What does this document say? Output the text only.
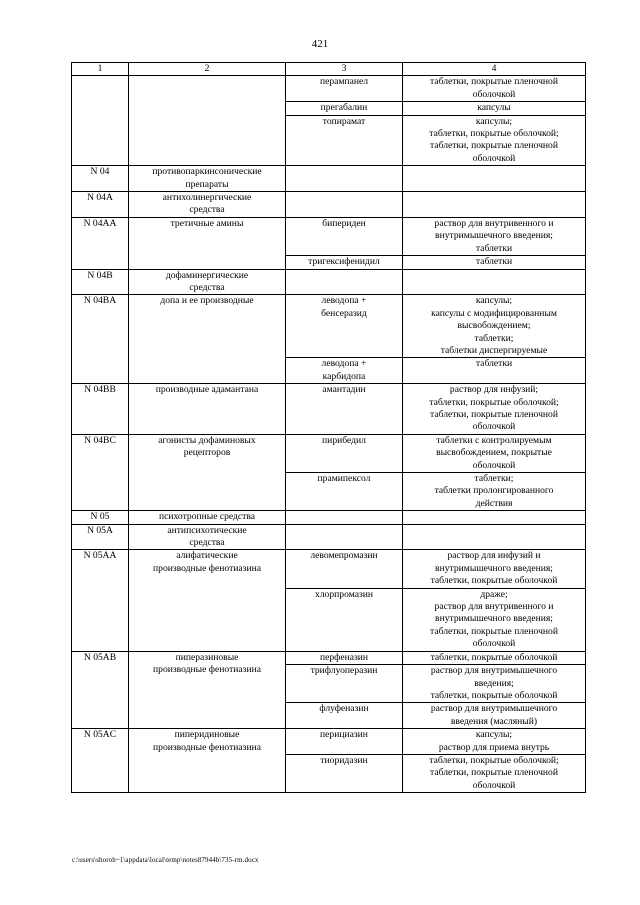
421
1	2	3	4
		перампанел	таблетки, покрытые пленочной
оболочкой
		прегабалин	капсулы
		топирамат	капсулы;
таблетки, покрытые оболочкой;
таблетки, покрытые пленочной
оболочкой
N 04	противопаркинсонические
препараты		
N 04A	антихолинергические
средства		
N 04AA	третичные амины	бипериден	раствор для внутривенного и
внутримышечного введения;
таблетки
		тригексифенидил	таблетки
N 04B	дофаминергические
средства		
N 04BA	допа и ее производные	леводопа +
бенсеразид	капсулы;
капсулы с модифицированным
высвобождением;
таблетки;
таблетки диспергируемые
		леводопа +
карбидопа	таблетки
N 04BB	производные адамантана	амантадин	раствор для инфузий;
таблетки, покрытые оболочкой;
таблетки, покрытые пленочной
оболочкой
N 04BC	агонисты дофаминовых
рецепторов	пирибедил	таблетки с контролируемым
высвобождением, покрытые
оболочкой
		прамипексол	таблетки;
таблетки пролонгированного
действия
N 05	психотропные средства		
N 05A	антипсихотические
средства		
N 05AA	алифатические
производные фенотиазина	левомепромазин	раствор для инфузий и
внутримышечного введения;
таблетки, покрытые оболочкой
		хлорпромазин	драже;
раствор для внутривенного и
внутримышечного введения;
таблетки, покрытые пленочной
оболочкой
N 05AB	пиперазиновые
производные фенотиазина	перфеназин	таблетки, покрытые оболочкой
		трифлуоперазин	раствор для внутримышечного
введения;
таблетки, покрытые оболочкой
		флуфеназин	раствор для внутримышечного
введения (масляный)
N 05AC	пиперидиновые
производные фенотиазина	перициазин	капсулы;
раствор для приема внутрь
		тиоридазин	таблетки, покрытые оболочкой;
таблетки, покрытые пленочной
оболочкой
c:\users\shoroh~1\appdata\local\temp\notes87944b\735-rm.docx
